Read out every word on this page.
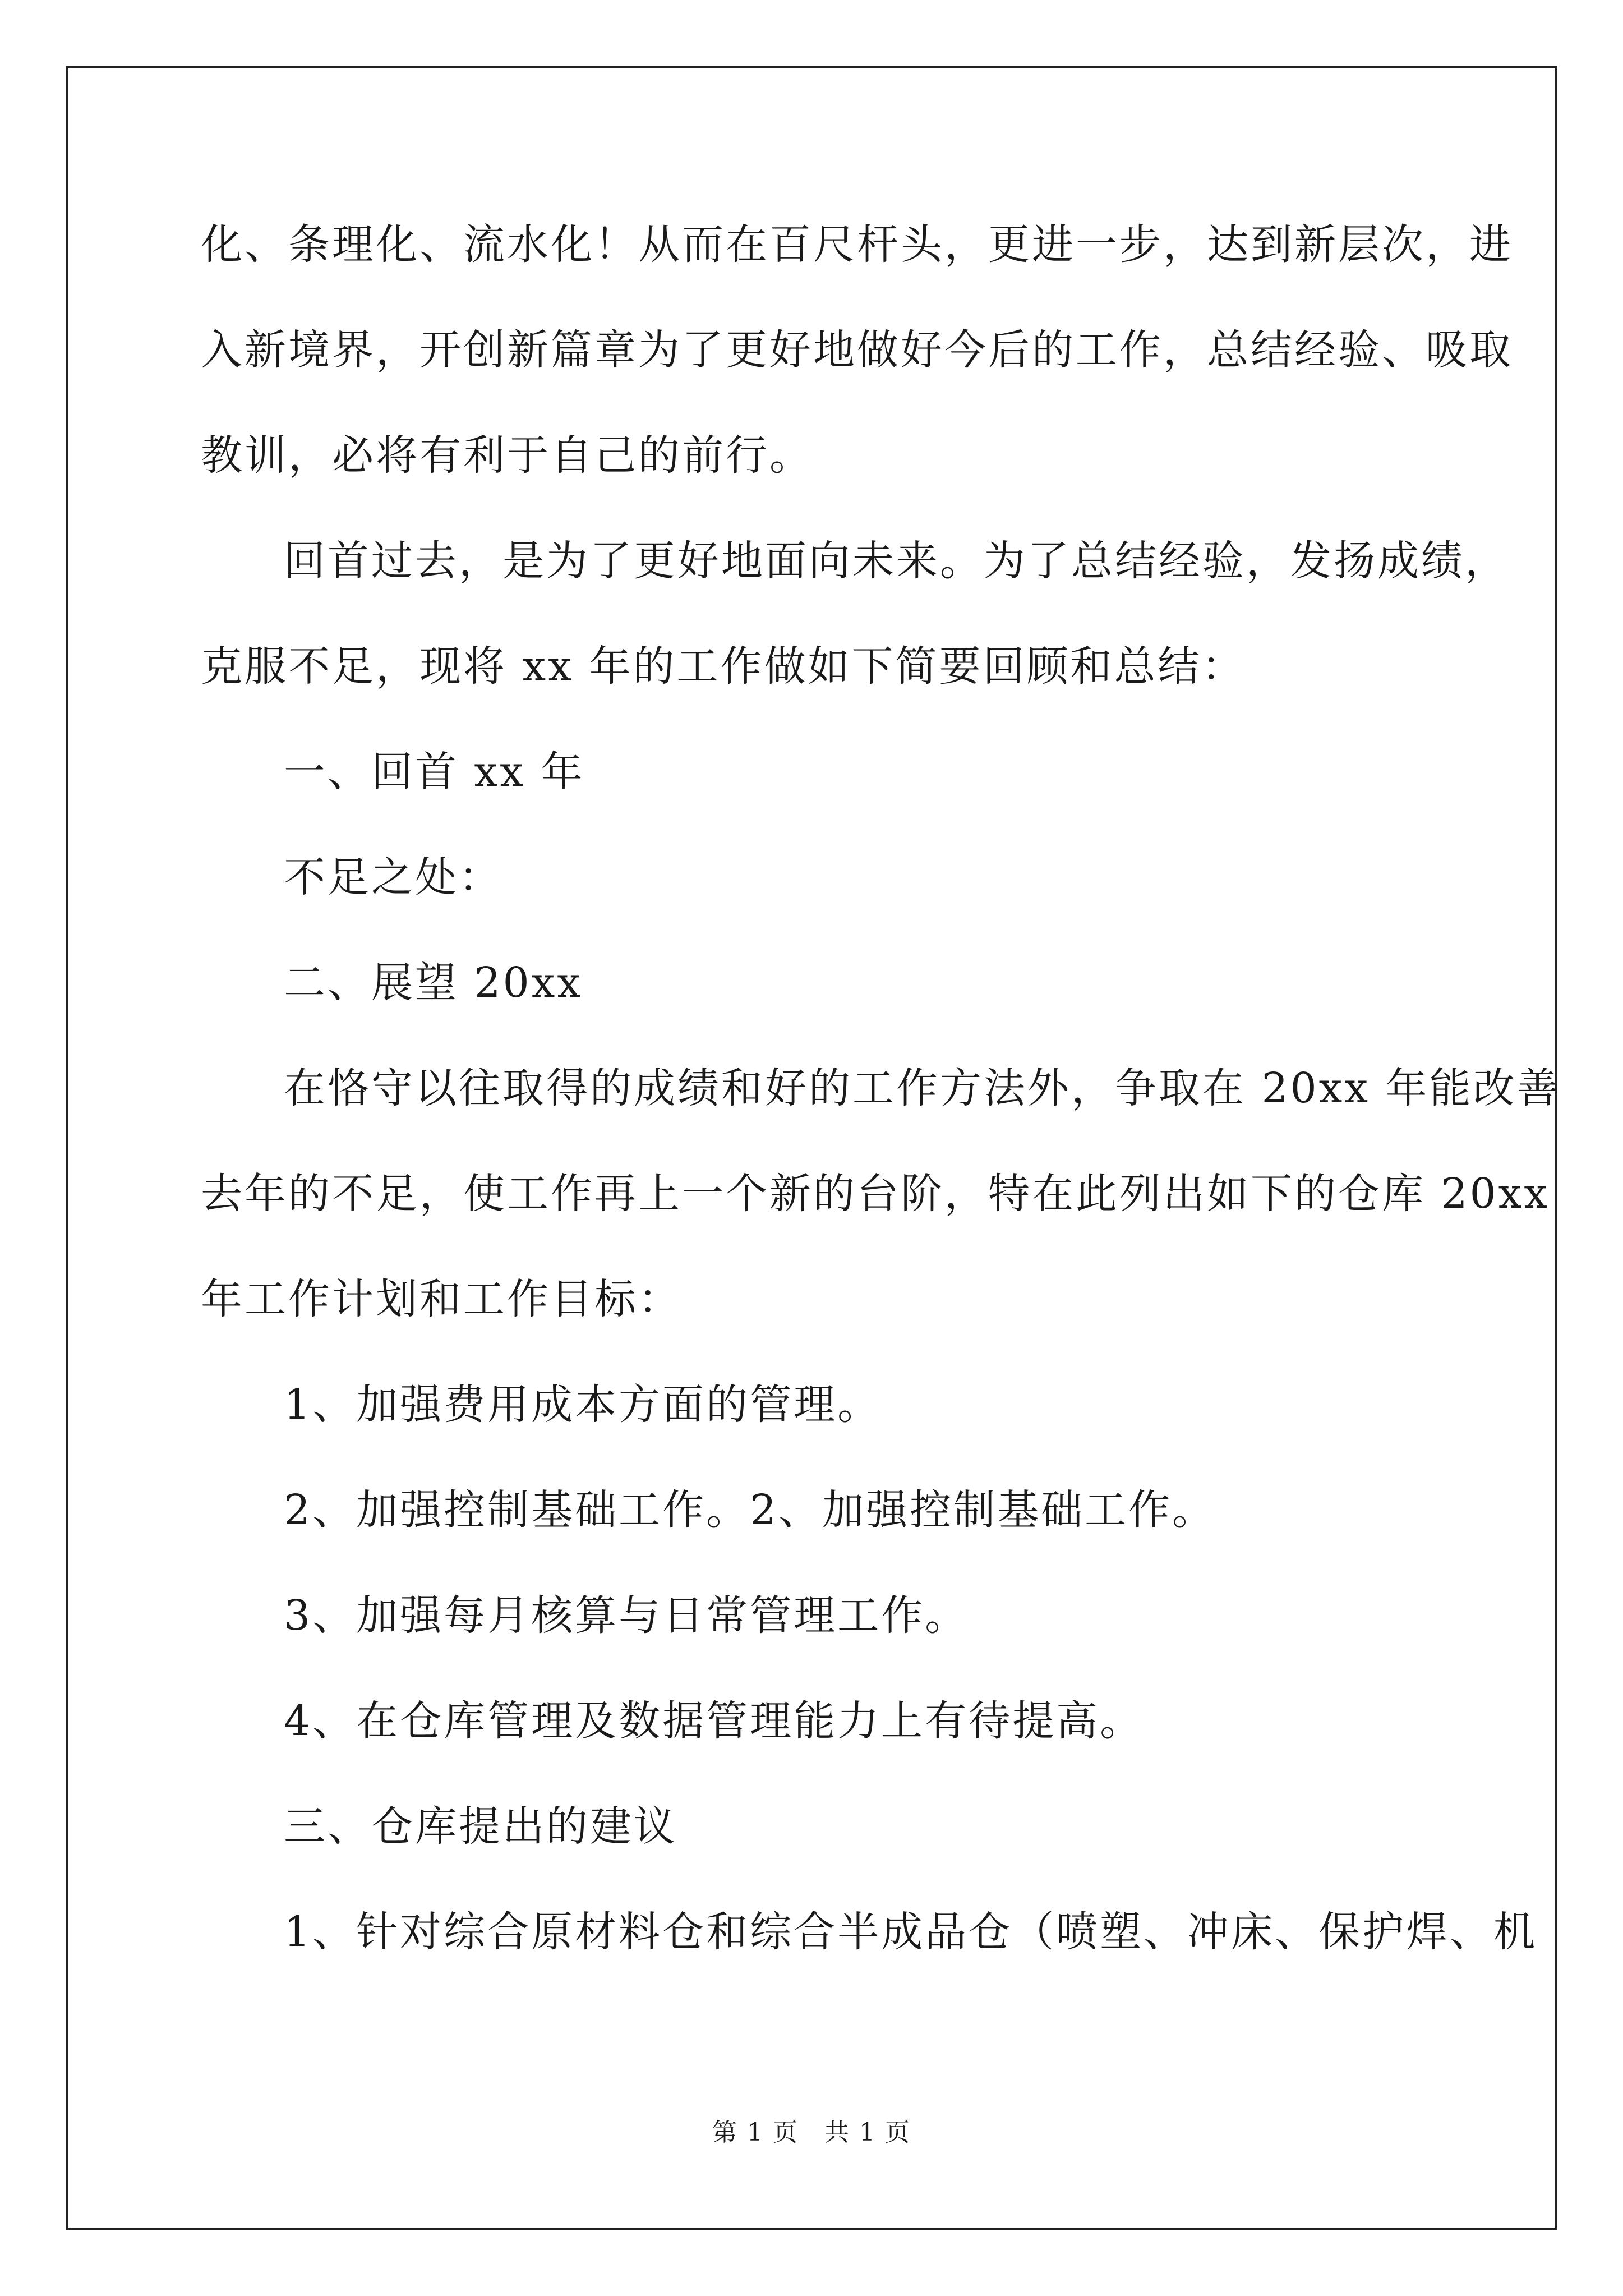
化、条理化、流水化！从而在百尺杆头，更进一步，达到新层次，进
入新境界，开创新篇章为了更好地做好今后的工作，总结经验、吸取
教训，必将有利于自己的前行。
回首过去，是为了更好地面向未来。为了总结经验，发扬成绩，
克服不足，现将 xx 年的工作做如下简要回顾和总结：
一、回首 xx 年
不足之处：
二、展望 20xx
在恪守以往取得的成绩和好的工作方法外，争取在 20xx 年能改善
去年的不足，使工作再上一个新的台阶，特在此列出如下的仓库 20xx
年工作计划和工作目标：
1、加强费用成本方面的管理。
2、加强控制基础工作。2、加强控制基础工作。
3、加强每月核算与日常管理工作。
4、在仓库管理及数据管理能力上有待提高。
三、仓库提出的建议
1、针对综合原材料仓和综合半成品仓（喷塑、冲床、保护焊、机
第 1 页　共 1 页
